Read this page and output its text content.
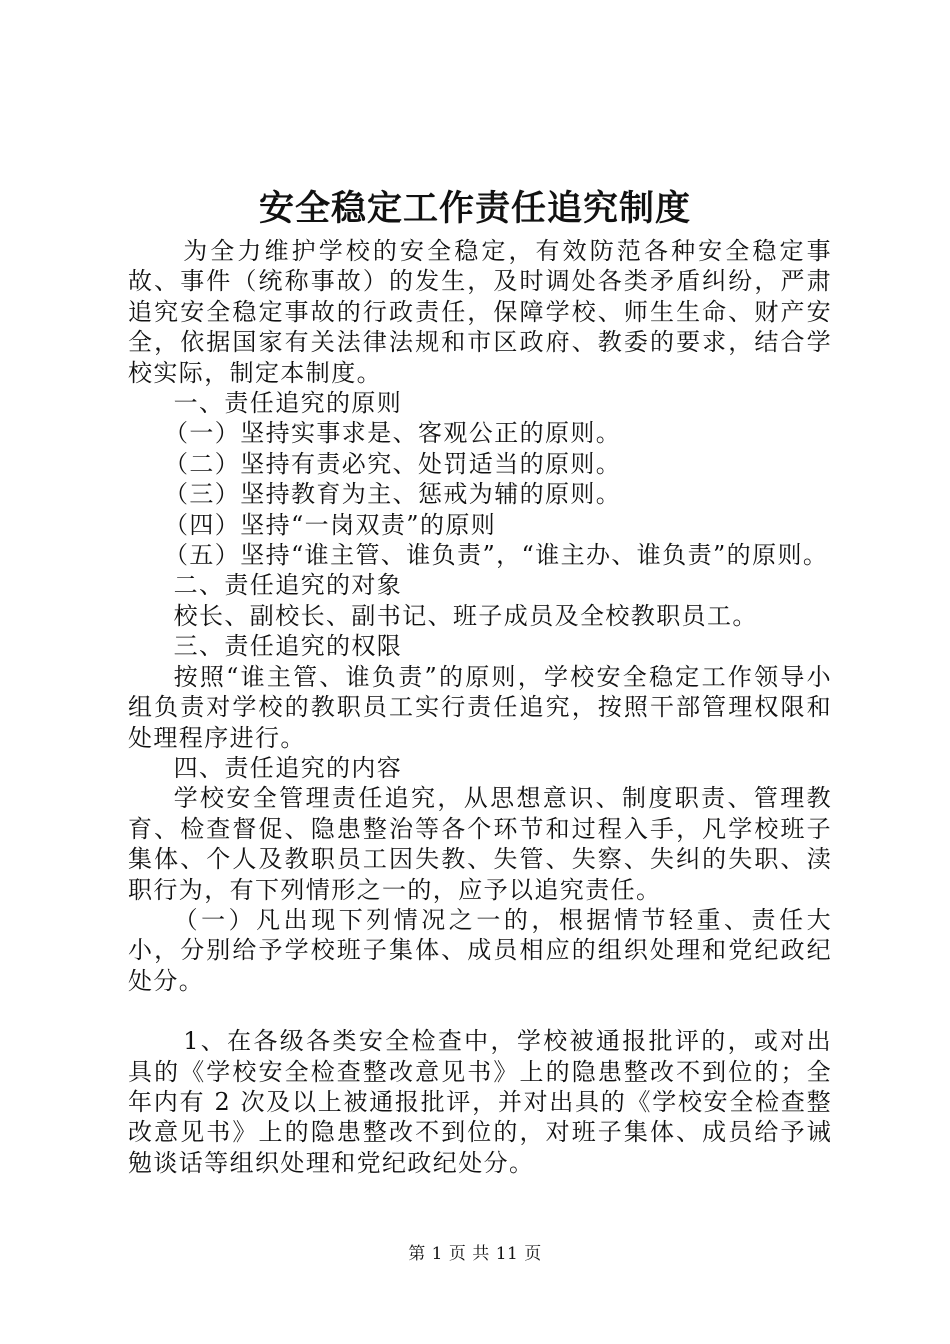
安全稳定工作责任追究制度

为全力维护学校的安全稳定，有效防范各种安全稳定事故、事件（统称事故）的发生，及时调处各类矛盾纠纷，严肃追究安全稳定事故的行政责任，保障学校、师生生命、财产安全，依据国家有关法律法规和市区政府、教委的要求，结合学校实际，制定本制度。

一、责任追究的原则

（一）坚持实事求是、客观公正的原则。

（二）坚持有责必究、处罚适当的原则。

（三）坚持教育为主、惩戒为辅的原则。

（四）坚持“一岗双责”的原则

（五）坚持“谁主管、谁负责”，“谁主办、谁负责”的原则。

二、责任追究的对象

校长、副校长、副书记、班子成员及全校教职员工。

三、责任追究的权限

按照“谁主管、谁负责”的原则，学校安全稳定工作领导小组负责对学校的教职员工实行责任追究，按照干部管理权限和处理程序进行。

四、责任追究的内容

学校安全管理责任追究，从思想意识、制度职责、管理教育、检查督促、隐患整治等各个环节和过程入手，凡学校班子集体、个人及教职员工因失教、失管、失察、失纠的失职、渎职行为，有下列情形之一的，应予以追究责任。

（一）凡出现下列情况之一的，根据情节轻重、责任大小，分别给予学校班子集体、成员相应的组织处理和党纪政纪处分。

1、在各级各类安全检查中，学校被通报批评的，或对出具的《学校安全检查整改意见书》上的隐患整改不到位的；全年内有 2 次及以上被通报批评，并对出具的《学校安全检查整改意见书》上的隐患整改不到位的，对班子集体、成员给予诫勉谈话等组织处理和党纪政纪处分。

第 1 页 共 11 页
